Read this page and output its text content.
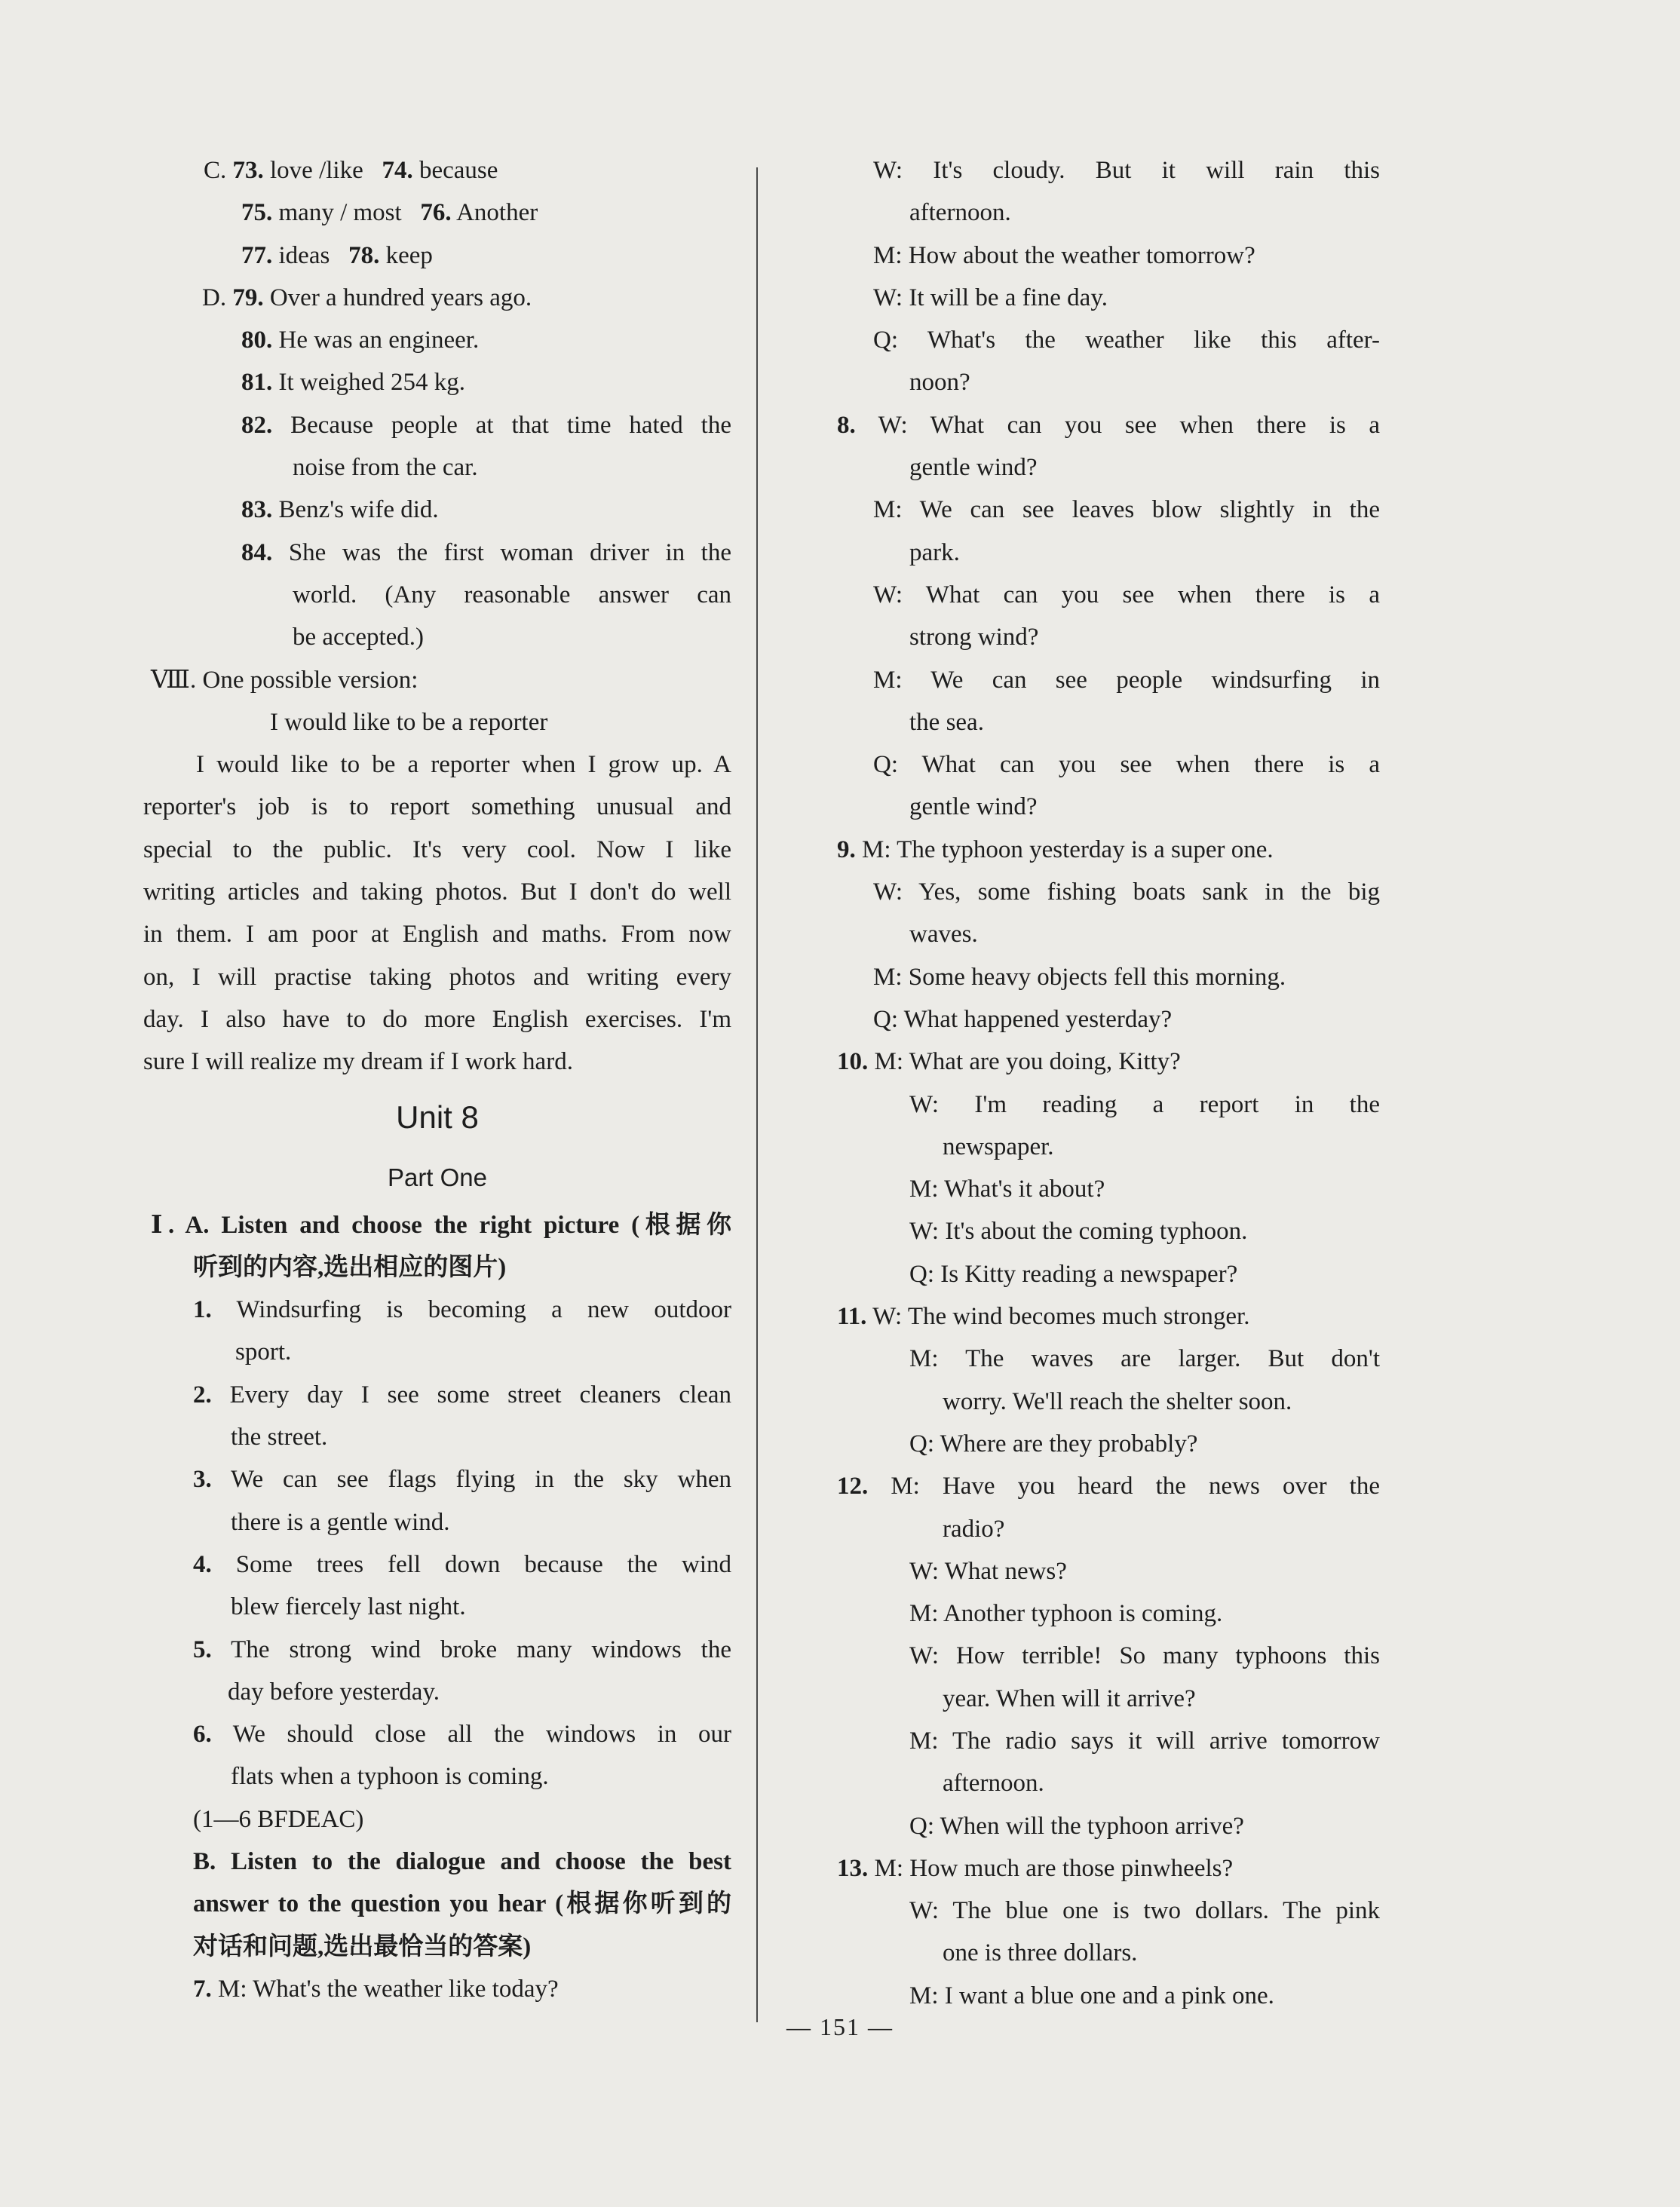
C. 73. love /like 74. because
75. many / most 76. Another
77. ideas 78. keep
D. 79. Over a hundred years ago.
80. He was an engineer.
81. It weighed 254 kg.
82. Because people at that time hated the
noise from the car.
83. Benz's wife did.
84. She was the first woman driver in the
world. (Any reasonable answer can
be accepted.)
Ⅷ. One possible version:
I would like to be a reporter
I would like to be a reporter when I grow up. A
reporter's job is to report something unusual and
special to the public. It's very cool. Now I like
writing articles and taking photos. But I don't do well
in them. I am poor at English and maths. From now
on, I will practise taking photos and writing every
day. I also have to do more English exercises. I'm
sure I will realize my dream if I work hard.
Unit 8
Part One
Ⅰ. A. Listen and choose the right picture (根据你
听到的内容,选出相应的图片)
1. Windsurfing is becoming a new outdoor
sport.
2. Every day I see some street cleaners clean
the street.
3. We can see flags flying in the sky when
there is a gentle wind.
4. Some trees fell down because the wind
blew fiercely last night.
5. The strong wind broke many windows the
day before yesterday.
6. We should close all the windows in our
flats when a typhoon is coming.
(1—6 BFDEAC)
B. Listen to the dialogue and choose the best
answer to the question you hear (根据你听到的
对话和问题,选出最恰当的答案)
7. M: What's the weather like today?
W: It's cloudy. But it will rain this
afternoon.
M: How about the weather tomorrow?
W: It will be a fine day.
Q: What's the weather like this after-
noon?
8. W: What can you see when there is a
gentle wind?
M: We can see leaves blow slightly in the
park.
W: What can you see when there is a
strong wind?
M: We can see people windsurfing in
the sea.
Q: What can you see when there is a
gentle wind?
9. M: The typhoon yesterday is a super one.
W: Yes, some fishing boats sank in the big
waves.
M: Some heavy objects fell this morning.
Q: What happened yesterday?
10. M: What are you doing, Kitty?
W: I'm reading a report in the
newspaper.
M: What's it about?
W: It's about the coming typhoon.
Q: Is Kitty reading a newspaper?
11. W: The wind becomes much stronger.
M: The waves are larger. But don't
worry. We'll reach the shelter soon.
Q: Where are they probably?
12. M: Have you heard the news over the
radio?
W: What news?
M: Another typhoon is coming.
W: How terrible! So many typhoons this
year. When will it arrive?
M: The radio says it will arrive tomorrow
afternoon.
Q: When will the typhoon arrive?
13. M: How much are those pinwheels?
W: The blue one is two dollars. The pink
one is three dollars.
M: I want a blue one and a pink one.
— 151 —
